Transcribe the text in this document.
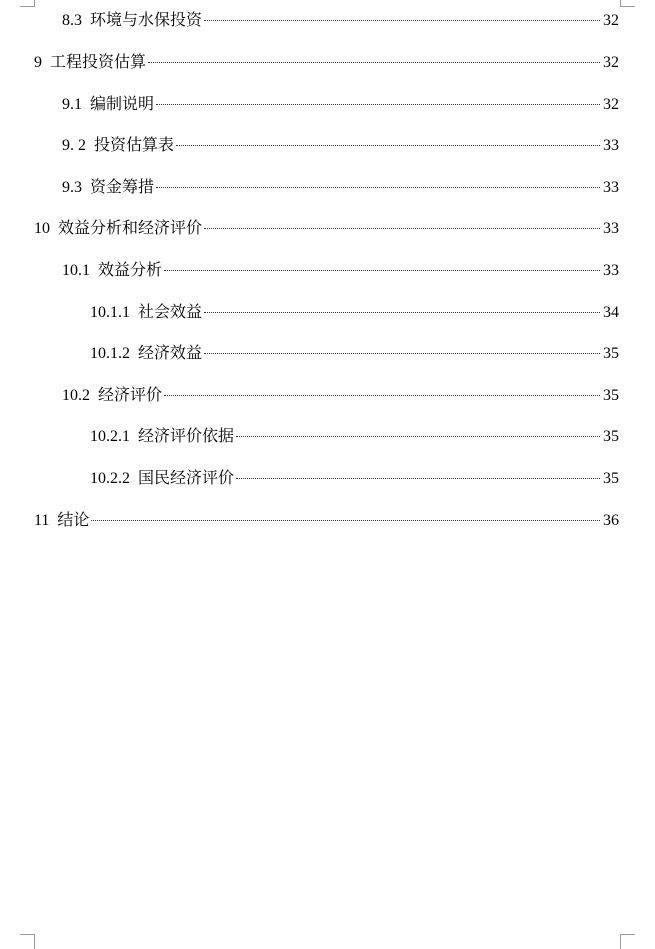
8.3 环境与水保投资	32
9 工程投资估算	32
9.1 编制说明	32
9. 2 投资估算表	33
9.3 资金筹措	33
10 效益分析和经济评价	33
10.1 效益分析	33
10.1.1 社会效益	34
10.1.2 经济效益	35
10.2 经济评价	35
10.2.1 经济评价依据	35
10.2.2 国民经济评价	35
11 结论	36
